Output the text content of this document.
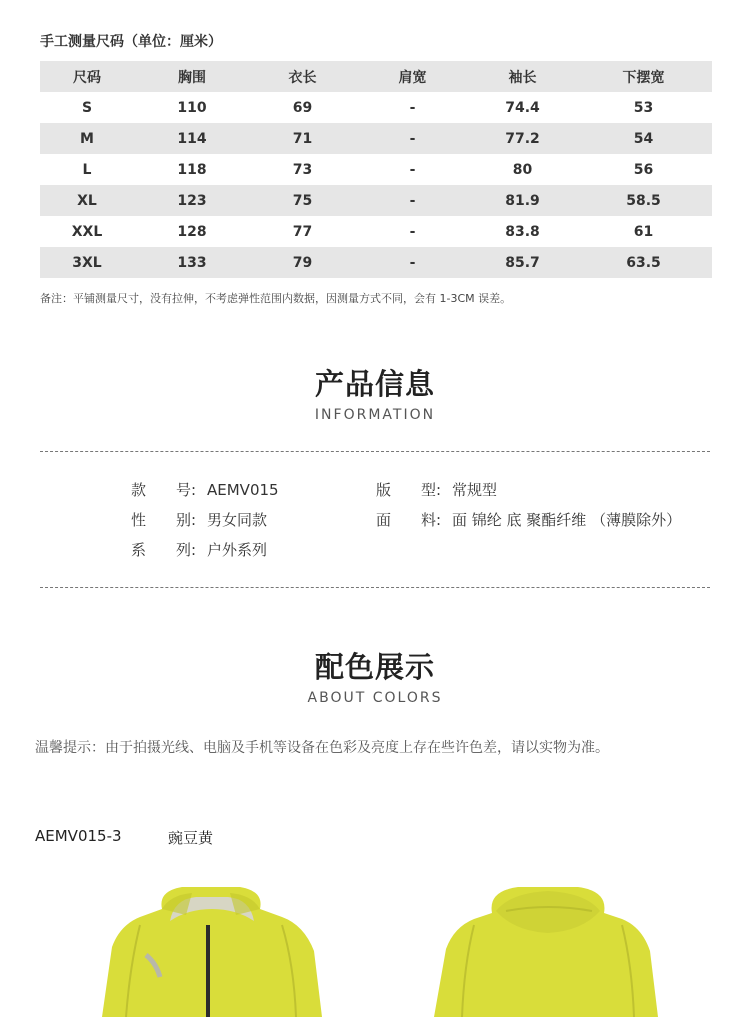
手工测量尺码（单位：厘米）
尺码	胸围	衣长	肩宽	袖长	下摆宽
S	110	69	-	74.4	53
M	114	71	-	77.2	54
L	118	73	-	80	56
XL	123	75	-	81.9	58.5
XXL	128	77	-	83.8	61
3XL	133	79	-	85.7	63.5
备注：平铺测量尺寸，没有拉伸，不考虑弹性范围内数据，因测量方式不同，会有 1-3CM 误差。
产品信息
INFORMATION
款 号: AEMV015	版 型: 常规型
性 别: 男女同款	面 料: 面 锦纶 底 聚酯纤维 （薄膜除外）
系 列: 户外系列
配色展示
ABOUT COLORS
温馨提示：由于拍摄光线、电脑及手机等设备在色彩及亮度上存在些许色差，请以实物为准。
AEMV015-3	豌豆黄
